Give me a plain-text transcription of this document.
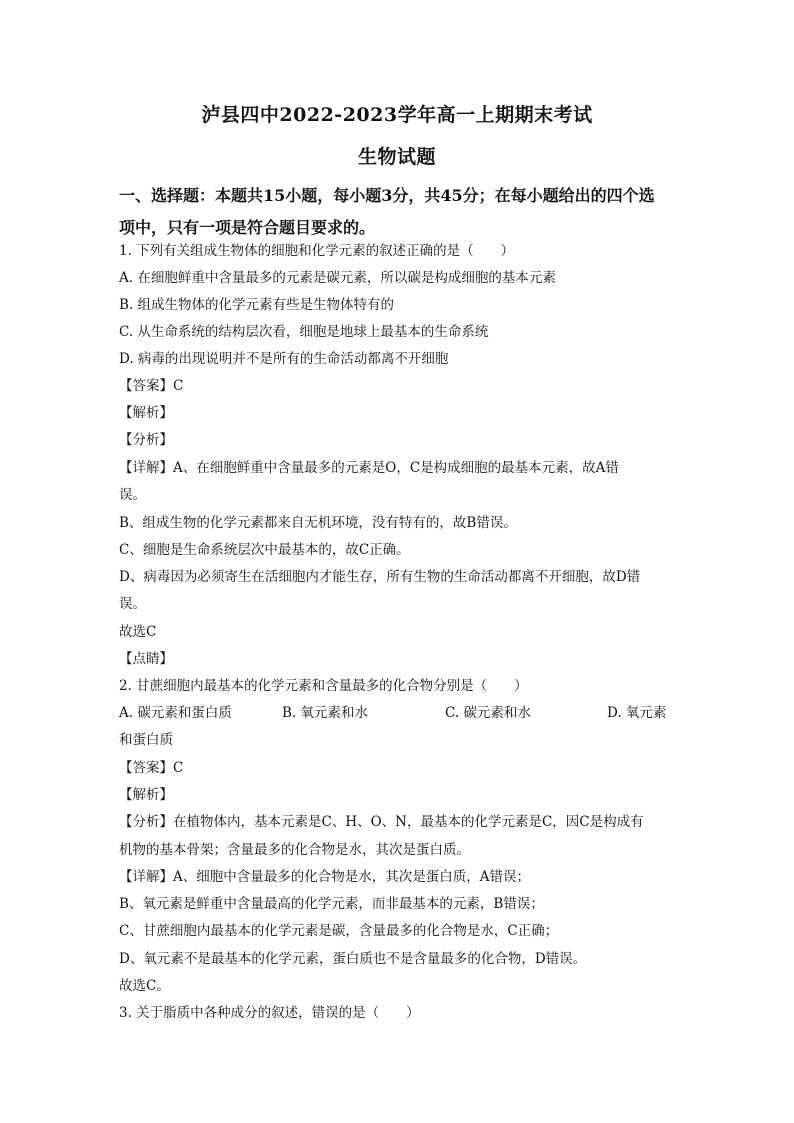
泸县四中2022-2023学年高一上期期末考试
生物试题
一、选择题：本题共15小题，每小题3分，共45分；在每小题给出的四个选
项中，只有一项是符合题目要求的。
1. 下列有关组成生物体的细胞和化学元素的叙述正确的是（　　）
A. 在细胞鲜重中含量最多的元素是碳元素，所以碳是构成细胞的基本元素
B. 组成生物体的化学元素有些是生物体特有的
C. 从生命系统的结构层次看，细胞是地球上最基本的生命系统
D. 病毒的出现说明并不是所有的生命活动都离不开细胞
【答案】C
【解析】
【分析】
【详解】A、在细胞鲜重中含量最多的元素是O，C是构成细胞的最基本元素，故A错
误。
B、组成生物的化学元素都来自无机环境，没有特有的，故B错误。
C、细胞是生命系统层次中最基本的，故C正确。
D、病毒因为必须寄生在活细胞内才能生存，所有生物的生命活动都离不开细胞，故D错
误。
故选C
【点睛】
2. 甘蔗细胞内最基本的化学元素和含量最多的化合物分别是（　　）
A. 碳元素和蛋白质	B. 氧元素和水	C. 碳元素和水	D. 氧元素
和蛋白质
【答案】C
【解析】
【分析】在植物体内，基本元素是C、H、O、N，最基本的化学元素是C，因C是构成有
机物的基本骨架；含量最多的化合物是水，其次是蛋白质。
【详解】A、细胞中含量最多的化合物是水，其次是蛋白质，A错误；
B、氧元素是鲜重中含量最高的化学元素，而非最基本的元素，B错误；
C、甘蔗细胞内最基本的化学元素是碳，含量最多的化合物是水，C正确；
D、氧元素不是最基本的化学元素，蛋白质也不是含量最多的化合物，D错误。
故选C。
3. 关于脂质中各种成分的叙述，错误的是（　　）
